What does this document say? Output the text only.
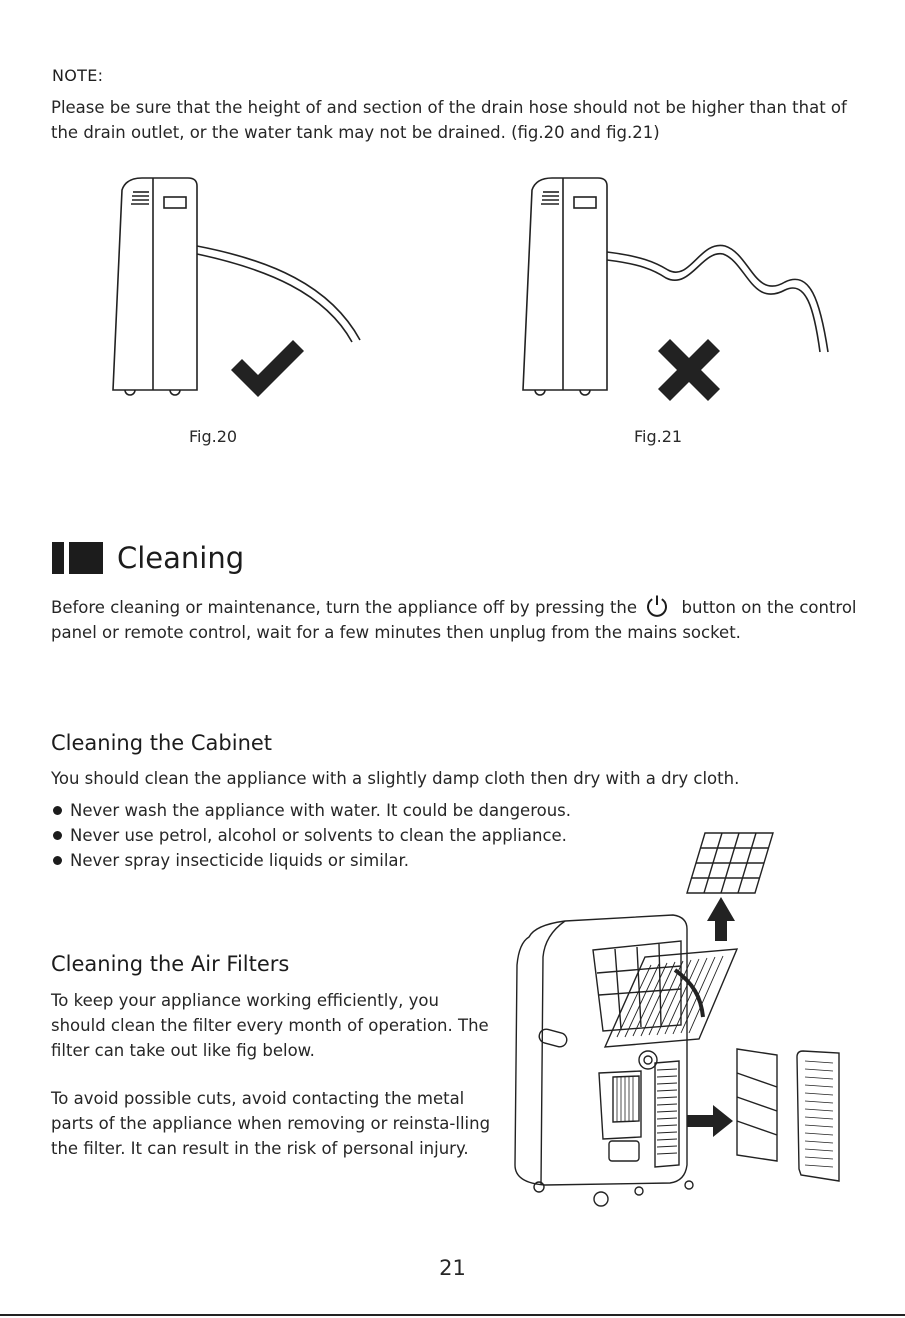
NOTE:
Please be sure that the height of and section of the drain hose should not be higher than that of the drain outlet, or the water tank may not be drained. (fig.20 and fig.21)
Fig.20	Fig.21
Cleaning
Before cleaning or maintenance, turn the appliance off by pressing the	button on the control panel or remote control, wait for a few minutes then unplug from the mains socket.
Cleaning the Cabinet
You should clean the appliance with a slightly damp cloth then dry with a dry cloth.
Never wash the appliance with water. It could be dangerous.
Never use petrol, alcohol or solvents to clean the appliance.
Never spray insecticide liquids or similar.
Cleaning the Air Filters
To keep your appliance working efficiently, you should clean the filter every month of operation. The filter can take out like fig below.
To avoid possible cuts, avoid contacting the metal parts of the appliance when removing or reinsta-lling the filter. It can result in the risk of personal injury.
21
